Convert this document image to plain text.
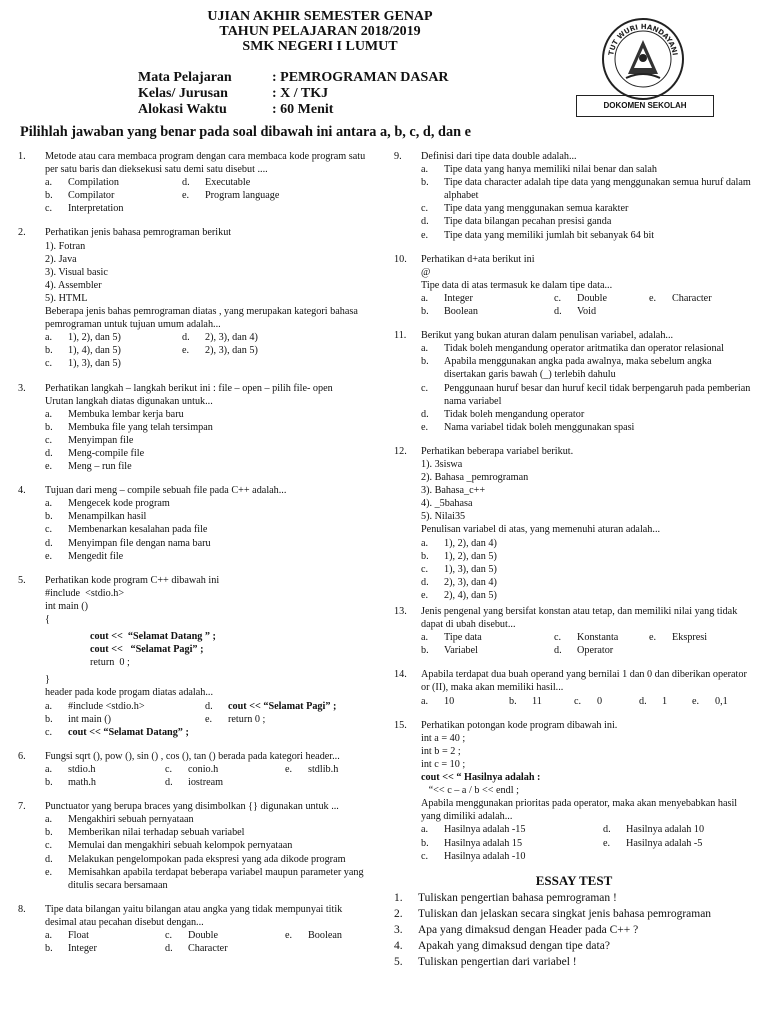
UJIAN AKHIR SEMESTER GENAP
TAHUN PELAJARAN 2018/2019
SMK NEGERI I LUMUT
Mata Pelajaran	: PEMROGRAMAN DASAR
Kelas/ Jurusan	: X / TKJ
Alokasi Waktu	: 60 Menit
TUT WURI HANDAYANI
DOKOMEN SEKOLAH
Pilihlah jawaban yang benar pada soal dibawah ini antara a, b, c, d, dan e
1.	Metode atau cara membaca program dengan cara membaca kode program satu per satu baris dan dieksekusi satu demi satu disebut ....
a.	Compilation	d.	Executable
b.	Compilator	e.	Program language
c.	Interpretation
2.	Perhatikan jenis bahasa pemrograman berikut
1). Fotran
2). Java
3). Visual basic
4). Assembler
5). HTML
Beberapa jenis bahas pemrograman diatas , yang merupakan kategori bahasa pemrograman untuk tujuan umum adalah...
a.	1), 2), dan 5)	d.	2), 3), dan 4)
b.	1), 4), dan 5)	e.	2), 3), dan 5)
c.	1), 3), dan 5)
3.	Perhatikan langkah – langkah berikut ini : file – open – pilih file- open
Urutan langkah diatas digunakan untuk...
a.	Membuka lembar kerja baru
b.	Membuka file yang telah tersimpan
c.	Menyimpan file
d.	Meng-compile file
e.	Meng – run file
4.	Tujuan dari meng – compile sebuah file pada C++ adalah...
a.	Mengecek kode program
b.	Menampilkan hasil
c.	Membenarkan kesalahan pada file
d.	Menyimpan file dengan nama baru
e.	Mengedit file
5.	Perhatikan kode program C++ dibawah ini
#include  <stdio.h>
int main ()
{
cout <<  “Selamat Datang ” ;
cout <<   “Selamat Pagi” ;
return  0 ;
}
header pada kode progam diatas adalah...
a.	#include <stdio.h>	d.	cout << “Selamat Pagi” ;
b.	int main ()	e.	return 0 ;
c.	cout << “Selamat Datang” ;
6.	Fungsi sqrt (), pow (), sin () , cos (), tan () berada pada kategori header...
a.	stdio.h	c.	conio.h	e.	stdlib.h
b.	math.h	d.	iostream
7.	Punctuator yang berupa braces yang disimbolkan {} digunakan untuk ...
a.	Mengakhiri sebuah pernyataan
b.	Memberikan nilai terhadap sebuah variabel
c.	Memulai dan mengakhiri sebuah kelompok pernyataan
d.	Melakukan pengelompokan pada ekspresi yang ada dikode program
e.	Memisahkan apabila terdapat beberapa variabel maupun parameter yang ditulis secara bersamaan
8.	Tipe data bilangan yaitu bilangan atau angka yang tidak mempunyai titik desimal atau pecahan disebut dengan...
a.	Float	c.	Double	e.	Boolean
b.	Integer	d.	Character
9.	Definisi dari tipe data double adalah...
a.	Tipe data yang hanya memiliki nilai benar dan salah
b.	Tipe data character adalah tipe data yang menggunakan semua huruf dalam alphabet
c.	Tipe data yang menggunakan semua karakter
d.	Tipe data bilangan pecahan presisi ganda
e.	Tipe data yang memiliki jumlah bit sebanyak 64 bit
10.	Perhatikan d+ata berikut ini
@
Tipe data di atas termasuk ke dalam tipe data...
a.	Integer	c.	Double	e.	Character
b.	Boolean	d.	Void
11.	Berikut yang bukan aturan dalam penulisan variabel, adalah...
a.	Tidak boleh mengandung operator aritmatika dan operator relasional
b.	Apabila menggunakan angka pada awalnya, maka sebelum angka disertakan garis bawah (_) terlebih dahulu
c.	Penggunaan huruf besar dan huruf kecil tidak berpengaruh pada pemberian nama variabel
d.	Tidak boleh mengandung operator
e.	Nama variabel tidak boleh menggunakan spasi
12.	Perhatikan beberapa variabel berikut.
1). 3siswa
2). Bahasa _pemrograman
3). Bahasa_c++
4). _5bahasa
5). Nilai35
Penulisan variabel di atas, yang memenuhi aturan adalah...
a.	1), 2), dan 4)
b.	1), 2), dan 5)
c.	1), 3), dan 5)
d.	2), 3), dan 4)
e.	2), 4), dan 5)
13.	Jenis pengenal yang bersifat konstan atau tetap, dan memiliki nilai yang tidak dapat di ubah disebut...
a.	Tipe data	c.	Konstanta	e.	Ekspresi
b.	Variabel	d.	Operator
14.	Apabila terdapat dua buah operand yang bernilai 1 dan 0 dan diberikan operator or (II), maka akan memiliki hasil...
a.	10	b.	11	c.	0	d.	1	e.	0,1
15.	Perhatikan potongan kode program dibawah ini.
int a = 40 ;
int b = 2 ;
int c = 10 ;
cout << “ Hasilnya adalah :
“<< c – a / b << endl ;
Apabila menggunakan prioritas pada operator, maka akan menyebabkan hasil yang dimiliki adalah...
a.	Hasilnya adalah -15	d.	Hasilnya adalah 10
b.	Hasilnya adalah 15	e.	Hasilnya adalah -5
c.	Hasilnya adalah -10
ESSAY TEST
1.	Tuliskan pengertian bahasa pemrograman !
2.	Tuliskan dan jelaskan secara singkat jenis bahasa pemrograman
3.	Apa yang dimaksud dengan Header pada C++ ?
4.	Apakah yang dimaksud dengan tipe data?
5.	Tuliskan pengertian dari variabel !
